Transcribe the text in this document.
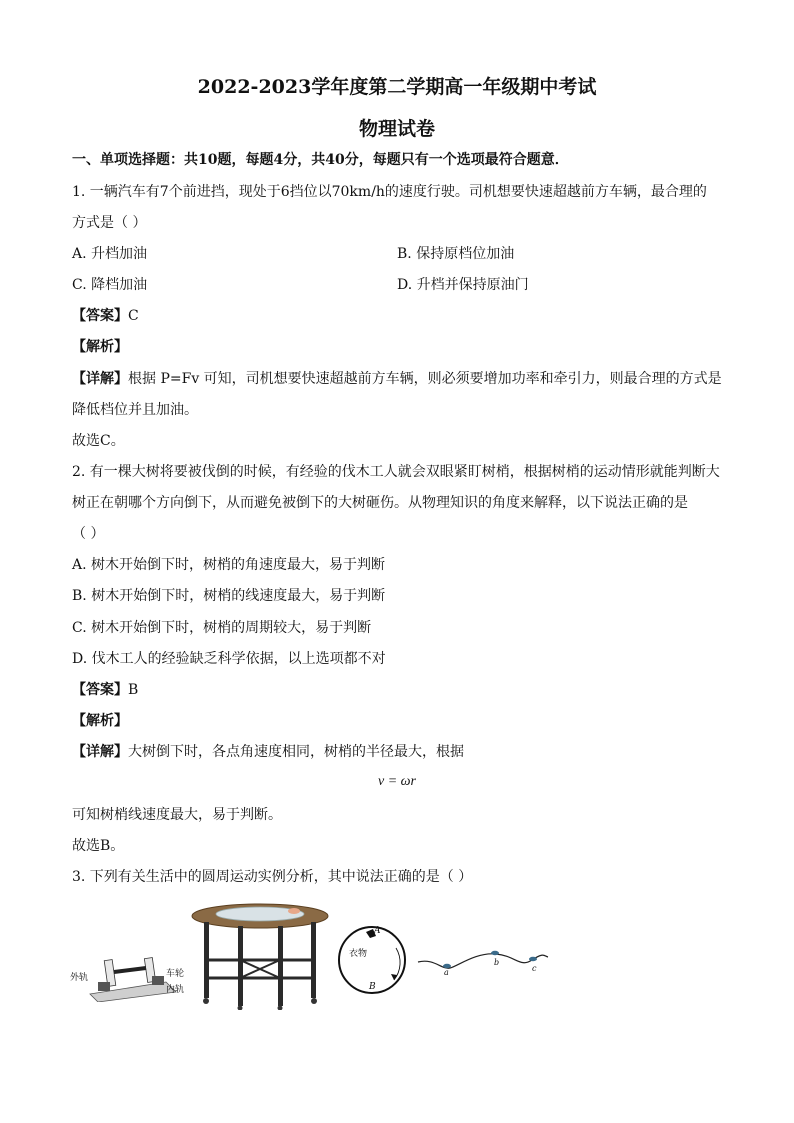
2022-2023学年度第二学期高一年级期中考试
物理试卷
一、单项选择题：共10题，每题4分，共40分，每题只有一个选项最符合题意．
1. 一辆汽车有7个前进挡，现处于6挡位以70km/h的速度行驶。司机想要快速超越前方车辆，最合理的
方式是（ ）
A. 升档加油	B. 保持原档位加油
C. 降档加油	D. 升档并保持原油门
【答案】C
【解析】
【详解】根据 P=Fv 可知，司机想要快速超越前方车辆，则必须要增加功率和牵引力，则最合理的方式是
降低档位并且加油。
故选C。
2. 有一棵大树将要被伐倒的时候，有经验的伐木工人就会双眼紧盯树梢，根据树梢的运动情形就能判断大
树正在朝哪个方向倒下，从而避免被倒下的大树砸伤。从物理知识的角度来解释，以下说法正确的是
（ ）
A. 树木开始倒下时，树梢的角速度最大，易于判断
B. 树木开始倒下时，树梢的线速度最大，易于判断
C. 树木开始倒下时，树梢的周期较大，易于判断
D. 伐木工人的经验缺乏科学依据，以上选项都不对
【答案】B
【解析】
【详解】大树倒下时，各点角速度相同，树梢的半径最大，根据
v = ωr
可知树梢线速度最大，易于判断。
故选B。
3. 下列有关生活中的圆周运动实例分析，其中说法正确的是（ ）
外轨	车轮
内轨
A
衣物
B
a
b
c
